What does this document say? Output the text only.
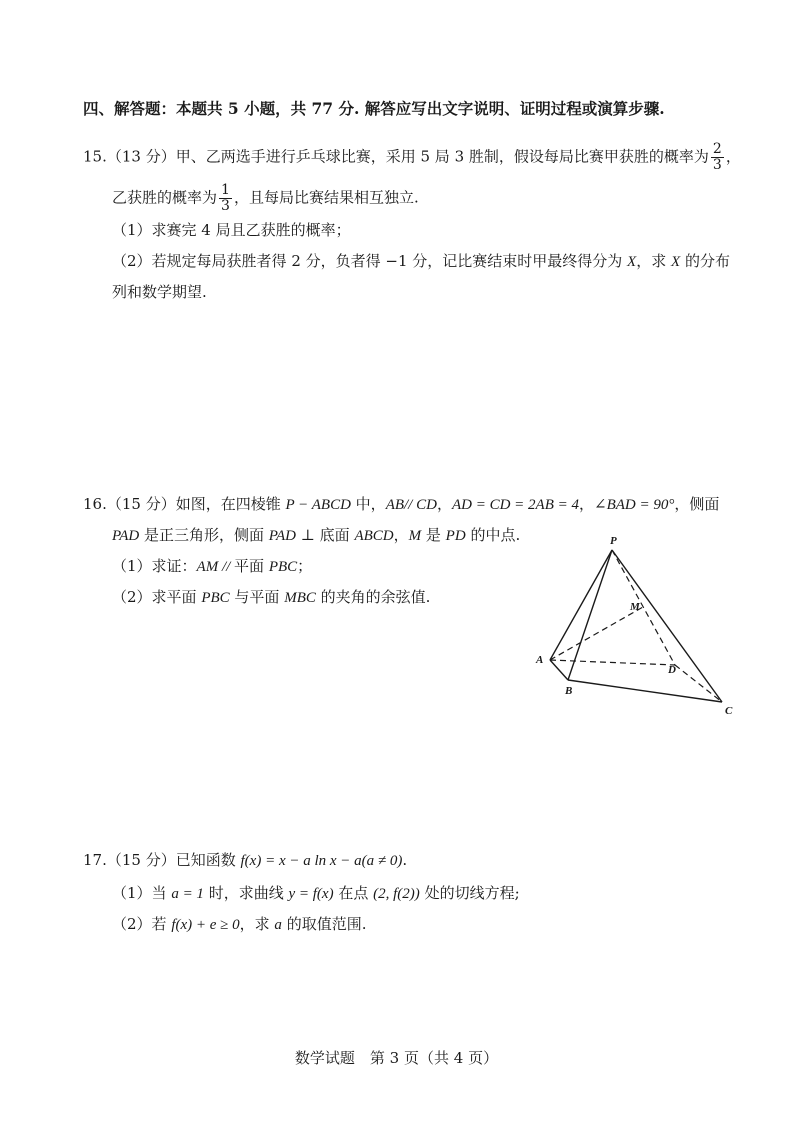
四、解答题：本题共 5 小题，共 77 分. 解答应写出文字说明、证明过程或演算步骤.
15.（13 分）甲、乙两选手进行乒乓球比赛，采用 5 局 3 胜制，假设每局比赛甲获胜的概率为 $\frac{2}{3}$ ，
乙获胜的概率为 $\frac{1}{3}$ ，且每局比赛结果相互独立.
（1）求赛完 4 局且乙获胜的概率；
（2）若规定每局获胜者得 2 分，负者得 −1 分，记比赛结束时甲最终得分为 X，求 X 的分布
列和数学期望.
16.（15 分）如图，在四棱锥 P − ABCD 中，AB// CD，AD = CD = 2AB = 4，∠BAD = 90°，侧面
PAD 是正三角形，侧面 PAD ⊥ 底面 ABCD，M 是 PD 的中点.
（1）求证：AM // 平面 PBC；
（2）求平面 PBC 与平面 MBC 的夹角的余弦值.
P
M
A
D
B
C
17.（15 分）已知函数 f(x) = x − a ln x − a(a ≠ 0).
（1）当 a = 1 时，求曲线 y = f(x) 在点 (2, f(2)) 处的切线方程;
（2）若 f(x) + e ≥ 0，求 a 的取值范围.
数学试题　第 3 页（共 4 页）
